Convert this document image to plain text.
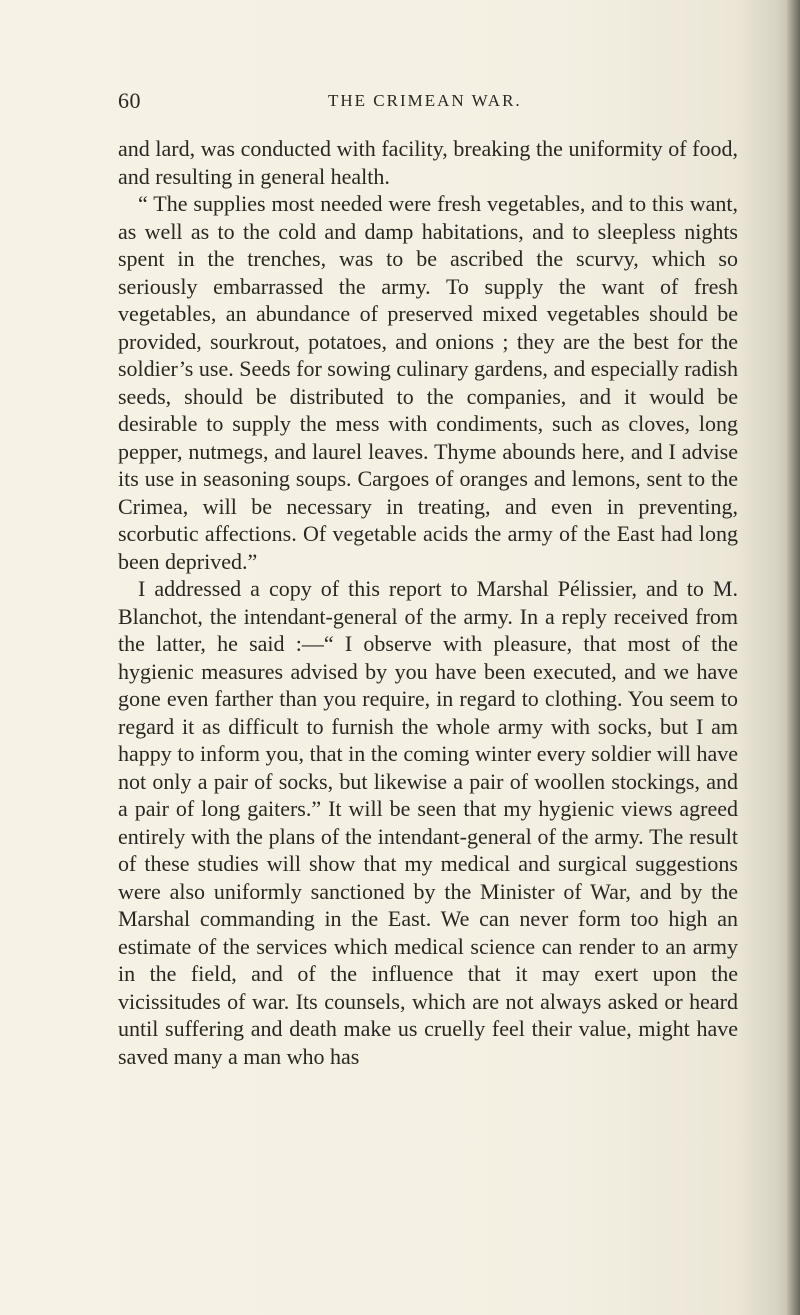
60	THE CRIMEAN WAR.

and lard, was conducted with facility, breaking the uniformity of food, and resulting in general health.

“ The supplies most needed were fresh vegetables, and to this want, as well as to the cold and damp habitations, and to sleepless nights spent in the trenches, was to be ascribed the scurvy, which so seriously embarrassed the army. To supply the want of fresh vegetables, an abundance of preserved mixed vegetables should be provided, sourkrout, potatoes, and onions ; they are the best for the soldier’s use. Seeds for sowing culinary gardens, and especially radish seeds, should be distributed to the companies, and it would be desirable to supply the mess with condiments, such as cloves, long pepper, nutmegs, and laurel leaves. Thyme abounds here, and I advise its use in seasoning soups. Cargoes of oranges and lemons, sent to the Crimea, will be necessary in treating, and even in preventing, scorbutic affections. Of vegetable acids the army of the East had long been deprived.”

I addressed a copy of this report to Marshal Pélissier, and to M. Blanchot, the intendant-general of the army. In a reply received from the latter, he said :—“ I observe with pleasure, that most of the hygienic measures advised by you have been executed, and we have gone even farther than you require, in regard to clothing. You seem to regard it as difficult to furnish the whole army with socks, but I am happy to inform you, that in the coming winter every soldier will have not only a pair of socks, but likewise a pair of woollen stockings, and a pair of long gaiters.” It will be seen that my hygienic views agreed entirely with the plans of the intendant-general of the army. The result of these studies will show that my medical and surgical suggestions were also uniformly sanctioned by the Minister of War, and by the Marshal commanding in the East. We can never form too high an estimate of the services which medical science can render to an army in the field, and of the influence that it may exert upon the vicissitudes of war. Its counsels, which are not always asked or heard until suffering and death make us cruelly feel their value, might have saved many a man who has
